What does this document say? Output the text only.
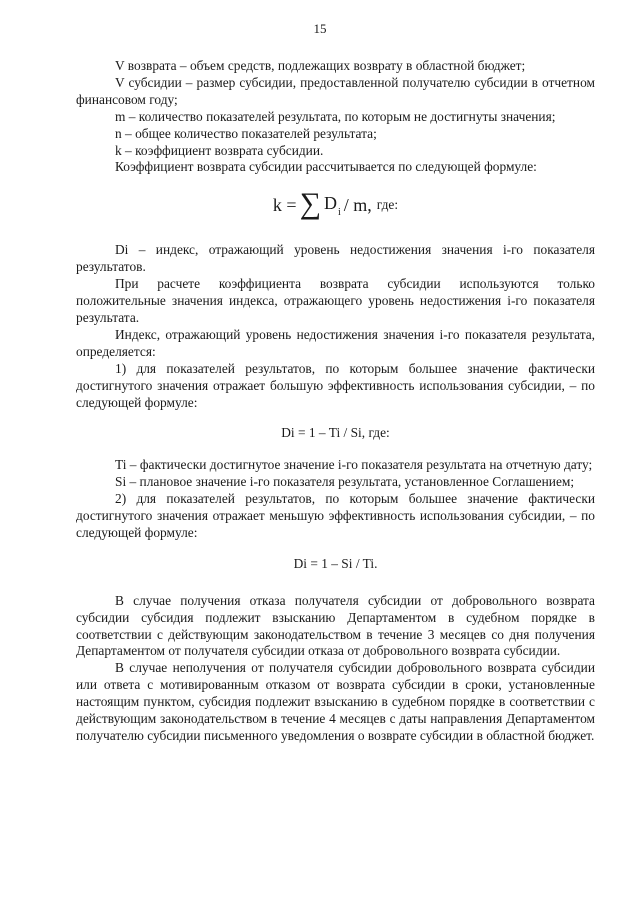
15

V возврата – объем средств, подлежащих возврату в областной бюджет;

V субсидии – размер субсидии, предоставленной получателю субсидии в отчетном финансовом году;

m – количество показателей результата, по которым не достигнуты значения;

n – общее количество показателей результата;

k – коэффициент возврата субсидии.

Коэффициент возврата субсидии рассчитывается по следующей формуле:

k = ∑ $D_i$ / m, где:

Di – индекс, отражающий уровень недостижения значения i-го показателя результатов.

При расчете коэффициента возврата субсидии используются только положительные значения индекса, отражающего уровень недостижения i-го показателя результата.

Индекс, отражающий уровень недостижения значения i-го показателя результата, определяется:

1) для показателей результатов, по которым большее значение фактически достигнутого значения отражает большую эффективность использования субсидии, – по следующей формуле:

Di = 1 – Ti / Si, где:

Ti – фактически достигнутое значение i-го показателя результата на отчетную дату;

Si – плановое значение i-го показателя результата, установленное Соглашением;

2) для показателей результатов, по которым большее значение фактически достигнутого значения отражает меньшую эффективность использования субсидии, – по следующей формуле:

Di = 1 – Si / Ti.

В случае получения отказа получателя субсидии от добровольного возврата субсидии субсидия подлежит взысканию Департаментом в судебном порядке в соответствии с действующим законодательством в течение 3 месяцев со дня получения Департаментом от получателя субсидии отказа от добровольного возврата субсидии.

В случае неполучения от получателя субсидии добровольного возврата субсидии или ответа с мотивированным отказом от возврата субсидии в сроки, установленные настоящим пунктом, субсидия подлежит взысканию в судебном порядке в соответствии с действующим законодательством в течение 4 месяцев с даты направления Департаментом получателю субсидии письменного уведомления о возврате субсидии в областной бюджет.
